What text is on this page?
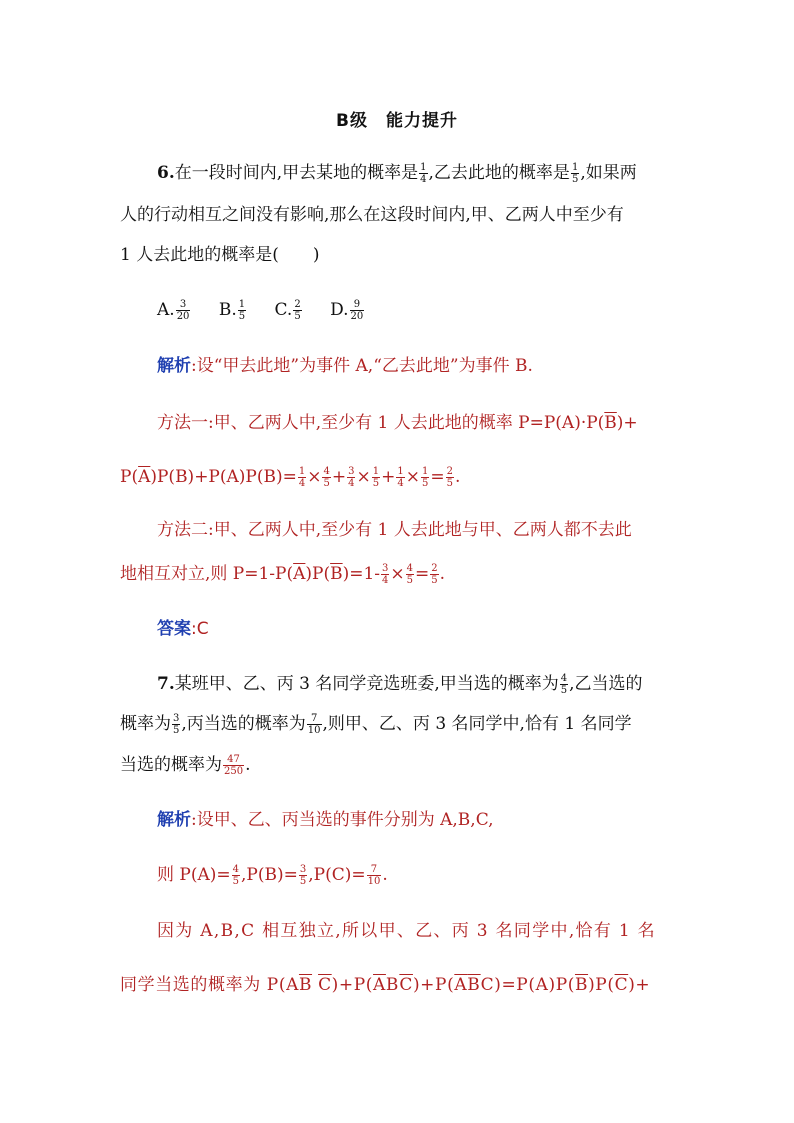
B级　能力提升
6.在一段时间内,甲去某地的概率是 $\frac{1}{4}$ ,乙去此地的概率是 $\frac{1}{5}$ ,如果两
人的行动相互之间没有影响,那么在这段时间内,甲、乙两人中至少有
1 人去此地的概率是(　　)
A. $\frac{3}{20} B$. $\frac{1}{5} C$. $\frac{2}{5} D$. $\frac{9}{20}$
解析:设“甲去此地”为事件 A,“乙去此地”为事件 B.
方法一:甲、乙两人中,至少有 1 人去此地的概率 $P=P(A)\cdot P(\overline{B})+$
$P(\overline{A})P(B)+P(A)P(B)= \frac{1}{4} \times \frac{4}{5} + \frac{3}{4} \times \frac{1}{5} + \frac{1}{4} \times \frac{1}{5} = \frac{2}{5}$ .
方法二:甲、乙两人中,至少有 1 人去此地与甲、乙两人都不去此
地相互对立,则 $P=1-P(\overline{A})P(\overline{B})=1- \frac{3}{4} \times \frac{4}{5} = \frac{2}{5}$ .
答案:C
7.某班甲、乙、丙 3 名同学竞选班委,甲当选的概率为 $\frac{4}{5}$ ,乙当选的
概率为 $\frac{3}{5}$ ,丙当选的概率为 $\frac{7}{10}$ ,则甲、乙、丙 3 名同学中,恰有 1 名同学
当选的概率为 $\frac{47}{250}$ .
解析:设甲、乙、丙当选的事件分别为 A,B,C,
则 $P(A)= \frac{4}{5} ,P(B)= \frac{3}{5} ,P(C)= \frac{7}{10}$ .
因为 A,B,C 相互独立,所以甲、乙、丙 3 名同学中,恰有 1 名
同学当选的概率为 $P(A\overline{B}$ $\overline{C})+P(\overline{A}B\overline{C})+P(\overline{A}\overline{B}C)=P(A)P(\overline{B})P(\overline{C})+$
